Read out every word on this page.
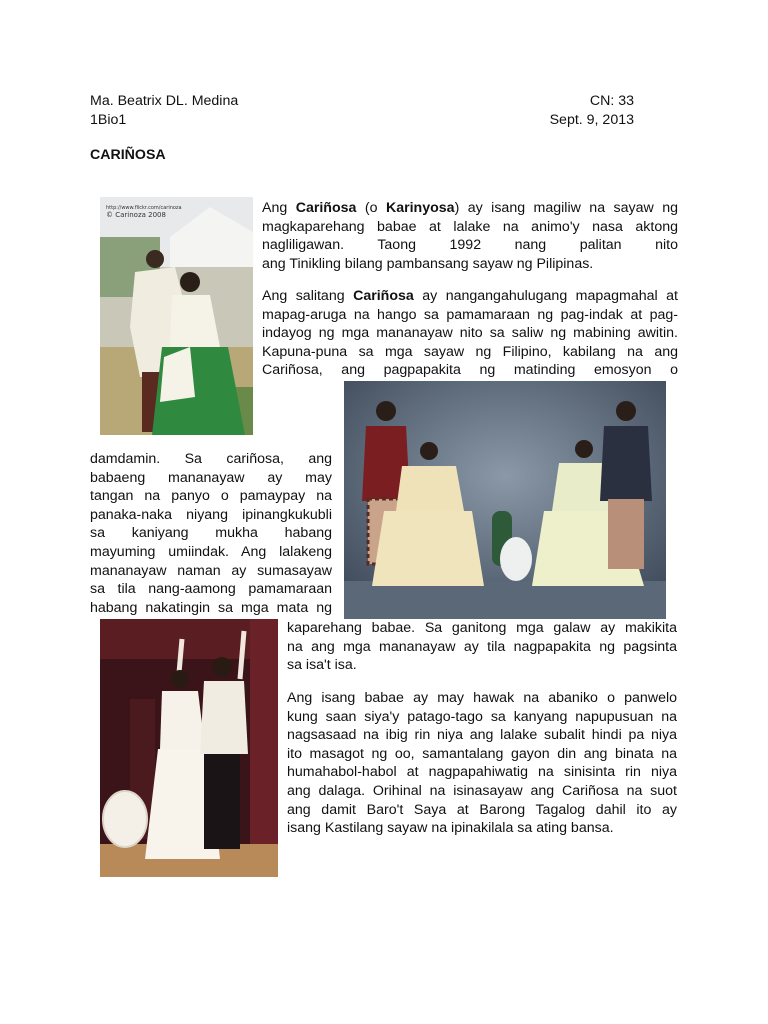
Ma. Beatrix DL. Medina
1Bio1
CN: 33
Sept. 9, 2013
CARIÑOSA
http://www.flickr.com/carinoza
© Carinoza 2008	Ang Cariñosa (o Karinyosa) ay isang magiliw na sayaw ng
magkaparehang babae at lalake na animo'y nasa aktong
nagliligawan. Taong 1992 nang palitan nito
ang Tinikling bilang pambansang sayaw ng Pilipinas.
Ang salitang Cariñosa ay nangangahulugang mapagmahal at
mapag-aruga na hango sa pamamaraan ng pag-indak at pag-
indayog ng mga mananayaw nito sa saliw ng mabining awitin.
Kapuna-puna sa mga sayaw ng Filipino, kabilang na ang
Cariñosa, ang pagpapakita ng matinding emosyon o
damdamin. Sa cariñosa, ang
babaeng mananayaw ay may
tangan na panyo o pamaypay na
panaka-naka niyang ipinangkukubli
sa kaniyang mukha habang
mayuming umiindak. Ang lalakeng
mananayaw naman ay sumasayaw
sa tila nang-aamong pamamaraan
habang nakatingin sa mga mata ng
kaparehang babae. Sa ganitong mga galaw ay makikita
na ang mga mananayaw ay tila nagpapakita ng pagsinta
sa isa't isa.
Ang isang babae ay may hawak na abaniko o panwelo
kung saan siya'y patago-tago sa kanyang napupusuan na
nagsasaad na ibig rin niya ang lalake subalit hindi pa niya
ito masagot ng oo, samantalang gayon din ang binata na
humahabol-habol at nagpapahiwatig na sinisinta rin niya
ang dalaga. Orihinal na isinasayaw ang Cariñosa na suot
ang damit Baro't Saya at Barong Tagalog dahil ito ay
isang Kastilang sayaw na ipinakilala sa ating bansa.
